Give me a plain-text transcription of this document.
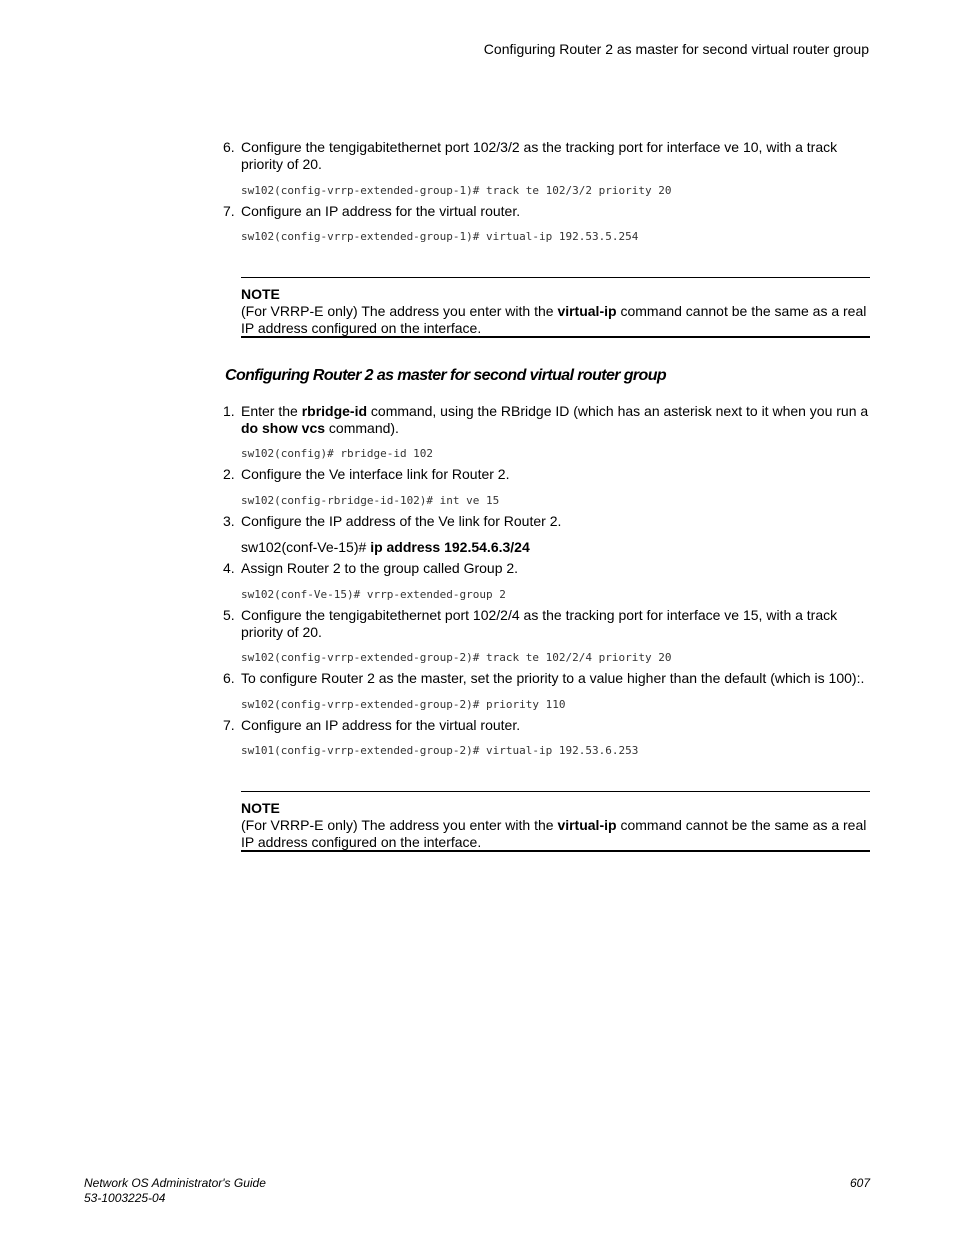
Configuring Router 2 as master for second virtual router group
6. Configure the tengigabitethernet port 102/3/2 as the tracking port for interface ve 10, with a track priority of 20.
sw102(config-vrrp-extended-group-1)# track te 102/3/2 priority 20
7. Configure an IP address for the virtual router.
sw102(config-vrrp-extended-group-1)# virtual-ip 192.53.5.254
NOTE
(For VRRP-E only) The address you enter with the virtual-ip command cannot be the same as a real IP address configured on the interface.
Configuring Router 2 as master for second virtual router group
1. Enter the rbridge-id command, using the RBridge ID (which has an asterisk next to it when you run a do show vcs command).
sw102(config)# rbridge-id 102
2. Configure the Ve interface link for Router 2.
sw102(config-rbridge-id-102)# int ve 15
3. Configure the IP address of the Ve link for Router 2.
sw102(conf-Ve-15)# ip address 192.54.6.3/24
4. Assign Router 2 to the group called Group 2.
sw102(conf-Ve-15)# vrrp-extended-group 2
5. Configure the tengigabitethernet port 102/2/4 as the tracking port for interface ve 15, with a track priority of 20.
sw102(config-vrrp-extended-group-2)# track te 102/2/4 priority 20
6. To configure Router 2 as the master, set the priority to a value higher than the default (which is 100):.
sw102(config-vrrp-extended-group-2)# priority 110
7. Configure an IP address for the virtual router.
sw101(config-vrrp-extended-group-2)# virtual-ip 192.53.6.253
NOTE
(For VRRP-E only) The address you enter with the virtual-ip command cannot be the same as a real IP address configured on the interface.
Network OS Administrator's Guide
53-1003225-04
607
